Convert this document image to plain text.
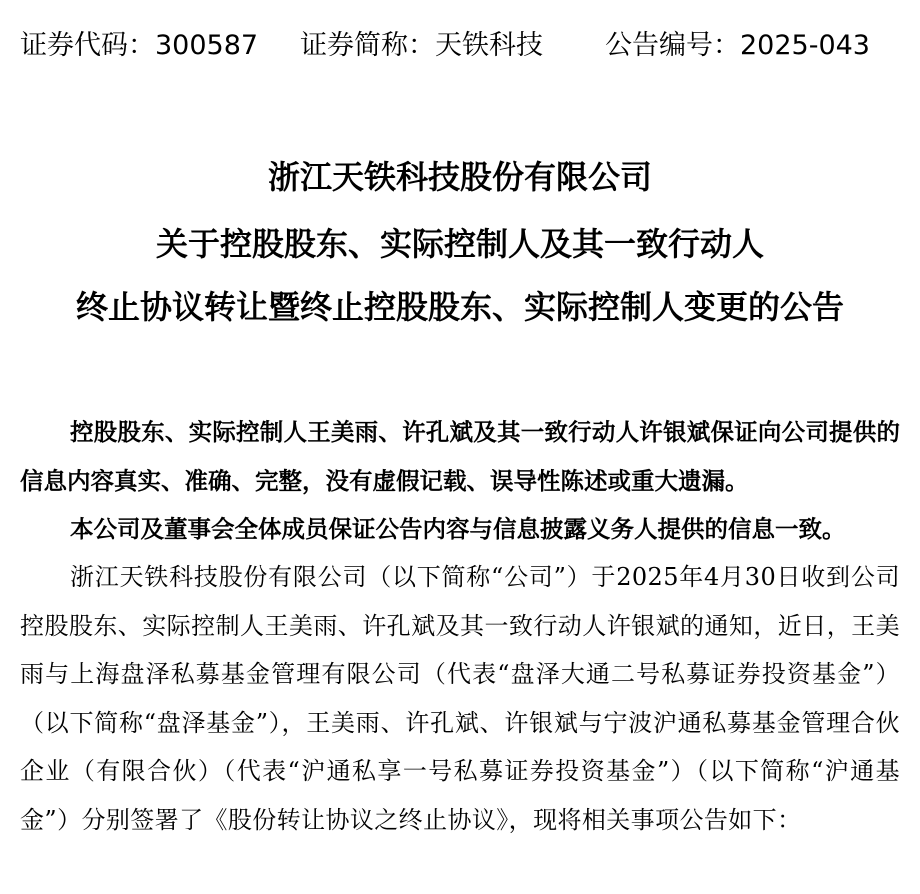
证券代码：300587 证券简称：天铁科技 公告编号：2025-043
浙江天铁科技股份有限公司
关于控股股东、实际控制人及其一致行动人
终止协议转让暨终止控股股东、实际控制人变更的公告

控股股东、实际控制人王美雨、许孔斌及其一致行动人许银斌保证向公司提供的信息内容真实、准确、完整，没有虚假记载、误导性陈述或重大遗漏。

本公司及董事会全体成员保证公告内容与信息披露义务人提供的信息一致。

浙江天铁科技股份有限公司（以下简称“公司”）于2025年4月30日收到公司控股股东、实际控制人王美雨、许孔斌及其一致行动人许银斌的通知，近日，王美雨与上海盘泽私募基金管理有限公司（代表“盘泽大通二号私募证券投资基金”）（以下简称“盘泽基金”），王美雨、许孔斌、许银斌与宁波沪通私募基金管理合伙企业（有限合伙）（代表“沪通私享一号私募证券投资基金”）（以下简称“沪通基金”）分别签署了《股份转让协议之终止协议》，现将相关事项公告如下：
